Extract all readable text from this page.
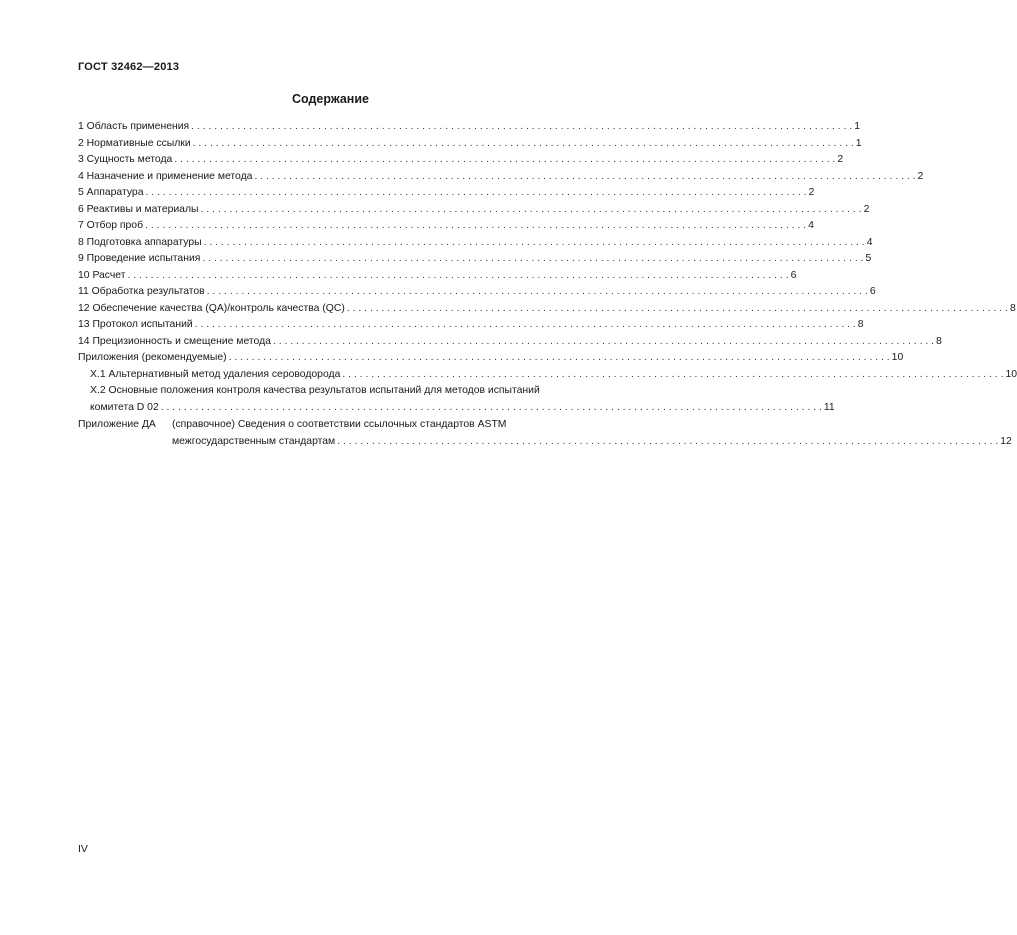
ГОСТ 32462—2013
Содержание
1 Область применения . . .	1
2 Нормативные ссылки . . .	1
3 Сущность метода . . .	2
4 Назначение и применение метода . . .	2
5 Аппаратура . . .	2
6 Реактивы и материалы . . .	2
7 Отбор проб . . .	4
8 Подготовка аппаратуры . . .	4
9 Проведение испытания . . .	5
10 Расчет . . .	6
11 Обработка результатов . . .	6
12 Обеспечение качества (QA)/контроль качества (QC) . . .	8
13 Протокол испытаний . . .	8
14 Прецизионность и смещение метода . . .	8
Приложения (рекомендуемые) . . .	10
X.1 Альтернативный метод удаления сероводорода . . .	10
X.2 Основные положения контроля качества результатов испытаний для методов испытаний
комитета D 02 . . .	11
Приложение ДА	(справочное) Сведения о соответствии ссылочных стандартов ASTM
межгосударственным стандартам . . .	12
IV
